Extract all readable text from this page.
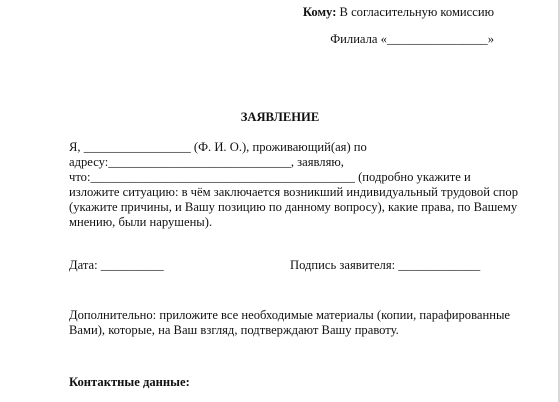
Кому: В согласительную комиссию
Филиала «________________»
ЗАЯВЛЕНИЕ
Я, _________________ (Ф. И. О.), проживающий(ая) по
адресу:_____________________________, заявляю,
что:__________________________________________ (подробно укажите и
изложите ситуацию: в чём заключается возникший индивидуальный трудовой спор
(укажите причины, и Вашу позицию по данному вопросу), какие права, по Вашему
мнению, были нарушены).
Дата: __________	Подпись заявителя: _____________
Дополнительно: приложите все необходимые материалы (копии, парафированные
Вами), которые, на Ваш взгляд, подтверждают Вашу правоту.
Контактные данные:
